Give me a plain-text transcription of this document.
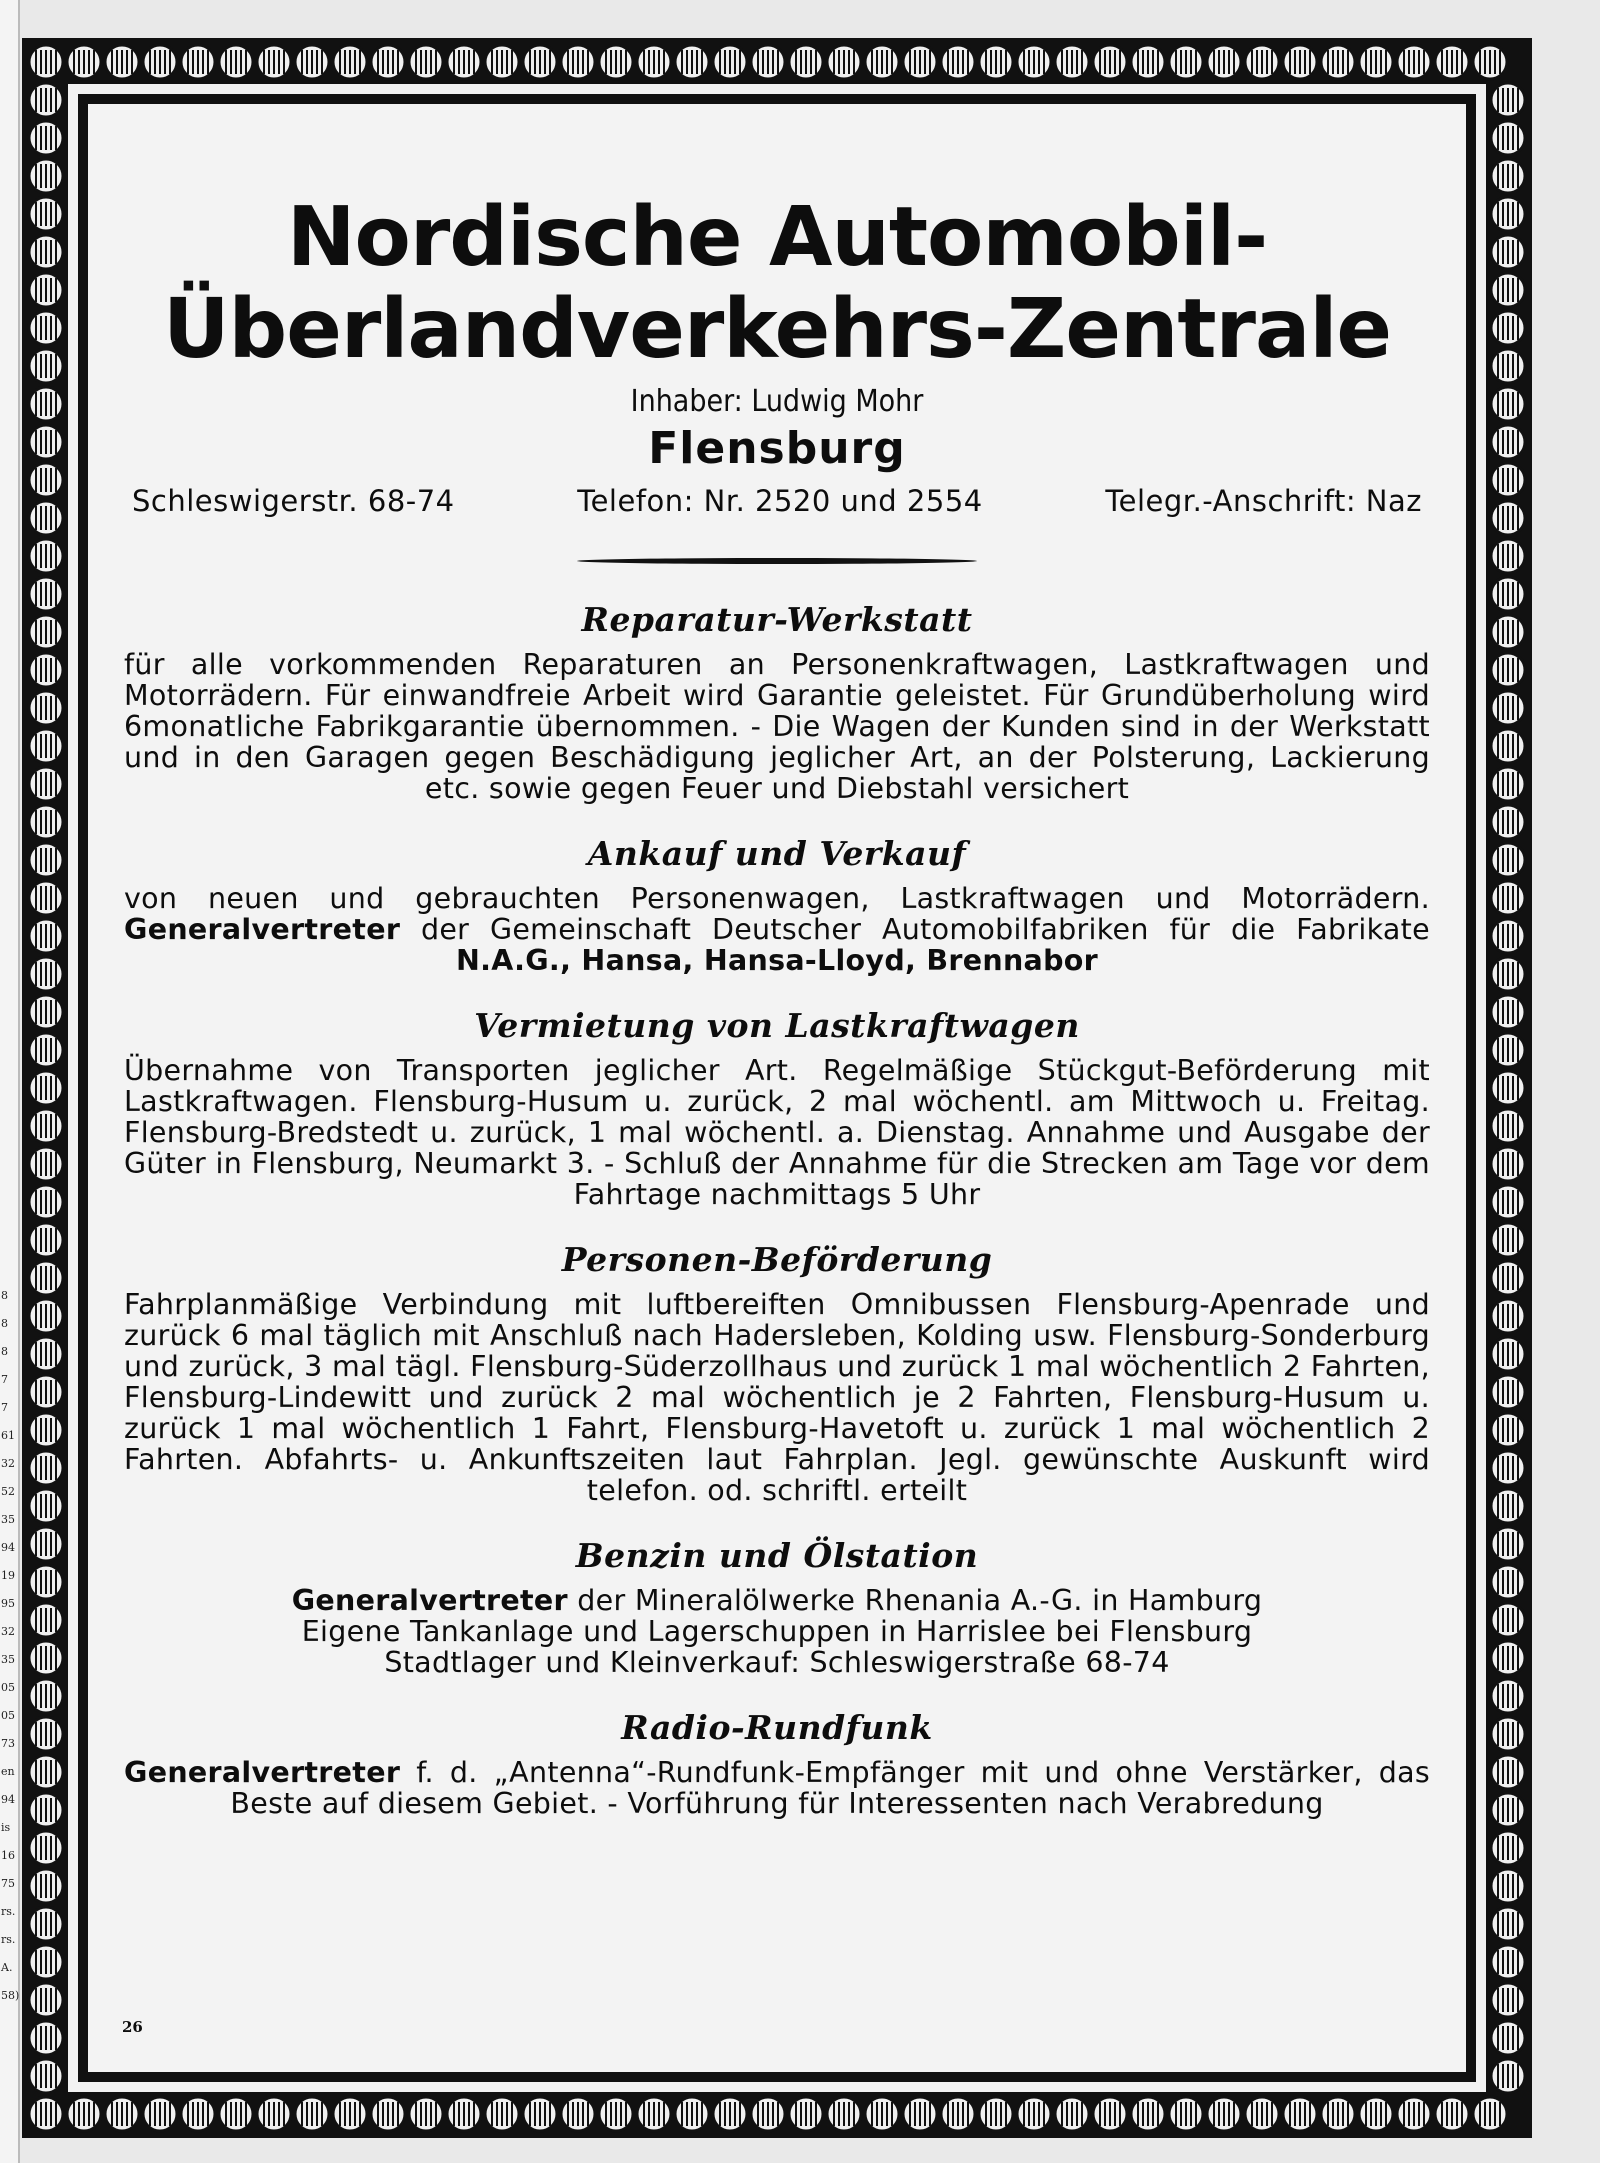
8
8
8
7
7
61
32
52
35
94
19
95
32
35
05
05
73
en
94
is
16
75
rs.
rs.
A.
58)
Nordische Automobil-
Überlandverkehrs-Zentrale
Inhaber: Ludwig Mohr
Flensburg
Schleswigerstr. 68-74	Telefon: Nr. 2520 und 2554	Telegr.-Anschrift: Naz
Reparatur-Werkstatt
für alle vorkommenden Reparaturen an Personenkraftwagen, Lastkraftwagen und Motorrädern. Für einwandfreie Arbeit wird Garantie geleistet. Für Grundüberholung wird 6monatliche Fabrikgarantie übernommen. - Die Wagen der Kunden sind in der Werkstatt und in den Garagen gegen Beschädigung jeglicher Art, an der Polsterung, Lackierung etc. sowie gegen Feuer und Diebstahl versichert
Ankauf und Verkauf
von neuen und gebrauchten Personenwagen, Lastkraftwagen und Motorrädern. Generalvertreter der Gemeinschaft Deutscher Automobilfabriken für die Fabrikate N.A.G., Hansa, Hansa-Lloyd, Brennabor
Vermietung von Lastkraftwagen
Übernahme von Transporten jeglicher Art. Regelmäßige Stückgut-Beförderung mit Lastkraftwagen. Flensburg-Husum u. zurück, 2 mal wöchentl. am Mittwoch u. Freitag. Flensburg-Bredstedt u. zurück, 1 mal wöchentl. a. Dienstag. Annahme und Ausgabe der Güter in Flensburg, Neumarkt 3. - Schluß der Annahme für die Strecken am Tage vor dem Fahrtage nachmittags 5 Uhr
Personen-Beförderung
Fahrplanmäßige Verbindung mit luftbereiften Omnibussen Flensburg-Apenrade und zurück 6 mal täglich mit Anschluß nach Hadersleben, Kolding usw. Flensburg-Sonderburg und zurück, 3 mal tägl. Flensburg-Süderzollhaus und zurück 1 mal wöchentlich 2 Fahrten, Flensburg-Lindewitt und zurück 2 mal wöchentlich je 2 Fahrten, Flensburg-Husum u. zurück 1 mal wöchentlich 1 Fahrt, Flensburg-Havetoft u. zurück 1 mal wöchentlich 2 Fahrten. Abfahrts- u. Ankunftszeiten laut Fahrplan. Jegl. gewünschte Auskunft wird telefon. od. schriftl. erteilt
Benzin und Ölstation
Generalvertreter der Mineralölwerke Rhenania A.-G. in Hamburg
Eigene Tankanlage und Lagerschuppen in Harrislee bei Flensburg
Stadtlager und Kleinverkauf: Schleswigerstraße 68-74
Radio-Rundfunk
Generalvertreter f. d. „Antenna“-Rundfunk-Empfänger mit und ohne Verstärker, das Beste auf diesem Gebiet. - Vorführung für Interessenten nach Verabredung
26
